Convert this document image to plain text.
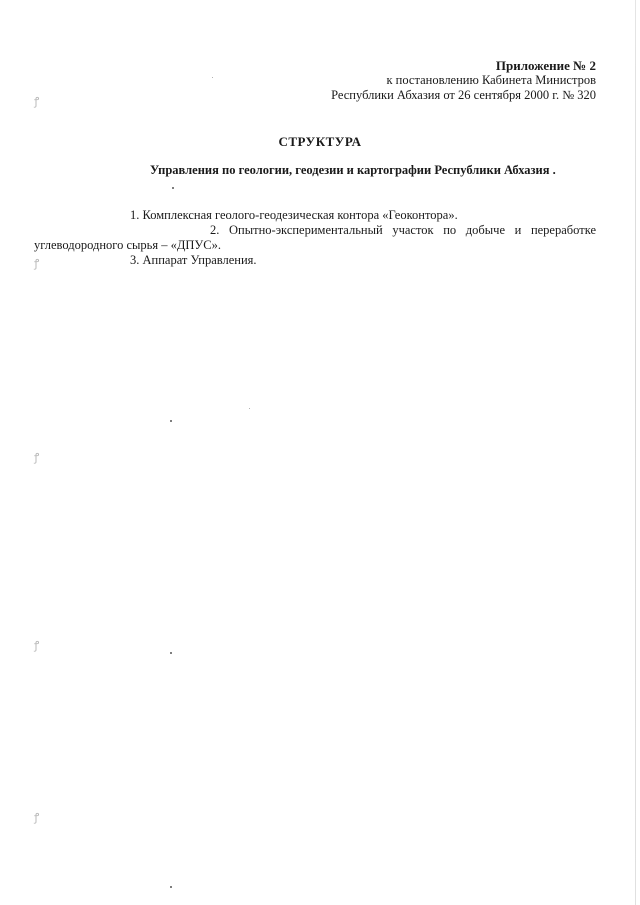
ꝭ
ꝭ
ꝭ
ꝭ
ꝭ
Приложение № 2
к постановлению Кабинета Министров
Республики Абхазия от 26 сентября 2000 г. № 320
СТРУКТУРА
Управления по геологии, геодезии и картографии Республики Абхазия .

1. Комплексная геолого-геодезическая контора «Геоконтора».

2. Опытно-экспериментальный участок по добыче и переработке углеводородного сырья – «ДПУС».

3. Аппарат Управления.
